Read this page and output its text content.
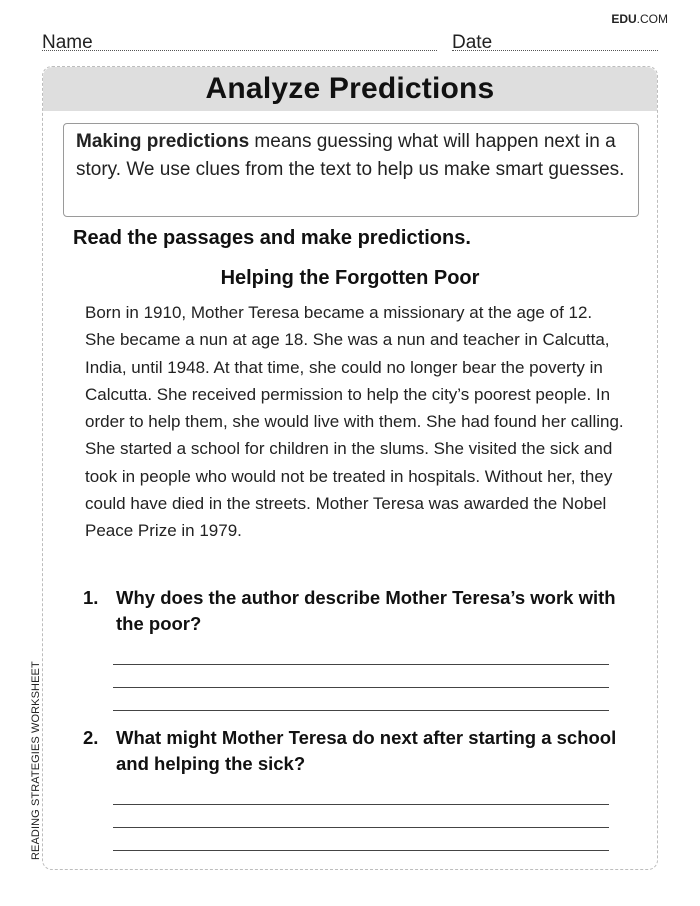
EDU.COM
Name	Date
Analyze Predictions
Making predictions means guessing what will happen next in a story. We use clues from the text to help us make smart guesses.
Read the passages and make predictions.
Helping the Forgotten Poor

Born in 1910, Mother Teresa became a missionary at the age of 12. She became a nun at age 18. She was a nun and teacher in Calcutta, India, until 1948. At that time, she could no longer bear the poverty in Calcutta. She received permission to help the city’s poorest people. In order to help them, she would live with them. She had found her calling.

She started a school for children in the slums. She visited the sick and took in people who would not be treated in hospitals. Without her, they could have died in the streets. Mother Teresa was awarded the Nobel Peace Prize in 1979.

1. Why does the author describe Mother Teresa’s work with the poor?
2. What might Mother Teresa do next after starting a school and helping the sick?
READING STRATEGIES WORKSHEET
